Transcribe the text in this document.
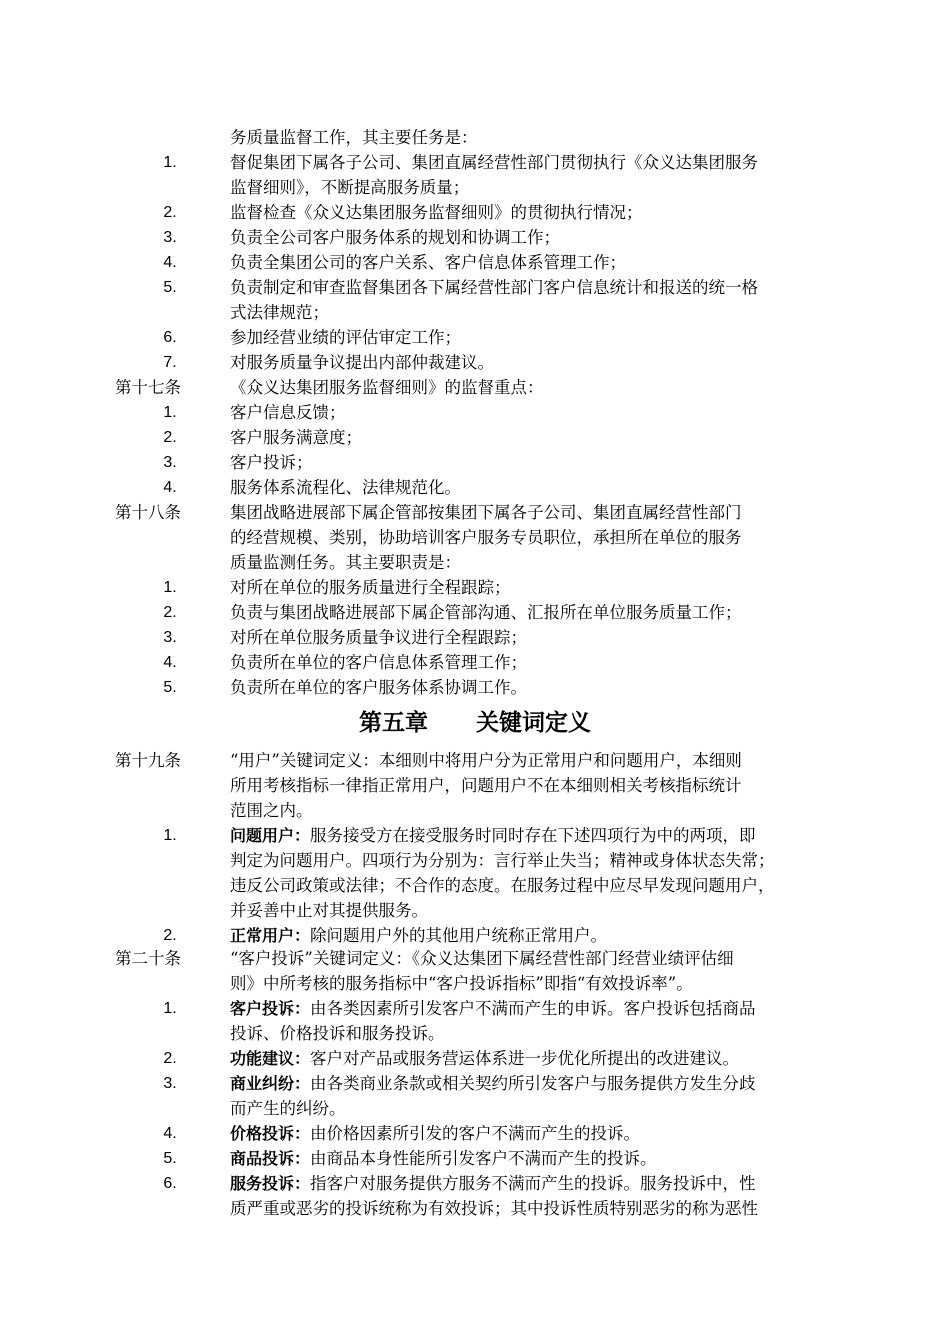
务质量监督工作，其主要任务是：
1.	督促集团下属各子公司、集团直属经营性部门贯彻执行《众义达集团服务
监督细则》，不断提高服务质量；
2.	监督检查《众义达集团服务监督细则》的贯彻执行情况；
3.	负责全公司客户服务体系的规划和协调工作；
4.	负责全集团公司的客户关系、客户信息体系管理工作；
5.	负责制定和审查监督集团各下属经营性部门客户信息统计和报送的统一格
式法律规范；
6.	参加经营业绩的评估审定工作；
7.	对服务质量争议提出内部仲裁建议。
第十七条	《众义达集团服务监督细则》的监督重点：
1.	客户信息反馈；
2.	客户服务满意度；
3.	客户投诉；
4.	服务体系流程化、法律规范化。
第十八条	集团战略进展部下属企管部按集团下属各子公司、集团直属经营性部门
的经营规模、类别，协助培训客户服务专员职位，承担所在单位的服务
质量监测任务。其主要职责是：
1.	对所在单位的服务质量进行全程跟踪；
2.	负责与集团战略进展部下属企管部沟通、汇报所在单位服务质量工作；
3.	对所在单位服务质量争议进行全程跟踪；
4.	负责所在单位的客户信息体系管理工作；
5.	负责所在单位的客户服务体系协调工作。
第五章      关键词定义
第十九条	“用户”关键词定义：本细则中将用户分为正常用户和问题用户，本细则
所用考核指标一律指正常用户，问题用户不在本细则相关考核指标统计
范围之内。
1.	问题用户：服务接受方在接受服务时同时存在下述四项行为中的两项，即
判定为问题用户。四项行为分别为：言行举止失当；精神或身体状态失常；
违反公司政策或法律；不合作的态度。在服务过程中应尽早发现问题用户，
并妥善中止对其提供服务。
2.	正常用户：除问题用户外的其他用户统称正常用户。
第二十条	“客户投诉”关键词定义：《众义达集团下属经营性部门经营业绩评估细
则》中所考核的服务指标中“客户投诉指标”即指“有效投诉率”。
1.	客户投诉：由各类因素所引发客户不满而产生的申诉。客户投诉包括商品
投诉、价格投诉和服务投诉。
2.	功能建议：客户对产品或服务营运体系进一步优化所提出的改进建议。
3.	商业纠纷：由各类商业条款或相关契约所引发客户与服务提供方发生分歧
而产生的纠纷。
4.	价格投诉：由价格因素所引发的客户不满而产生的投诉。
5.	商品投诉：由商品本身性能所引发客户不满而产生的投诉。
6.	服务投诉：指客户对服务提供方服务不满而产生的投诉。服务投诉中，性
质严重或恶劣的投诉统称为有效投诉；其中投诉性质特别恶劣的称为恶性
